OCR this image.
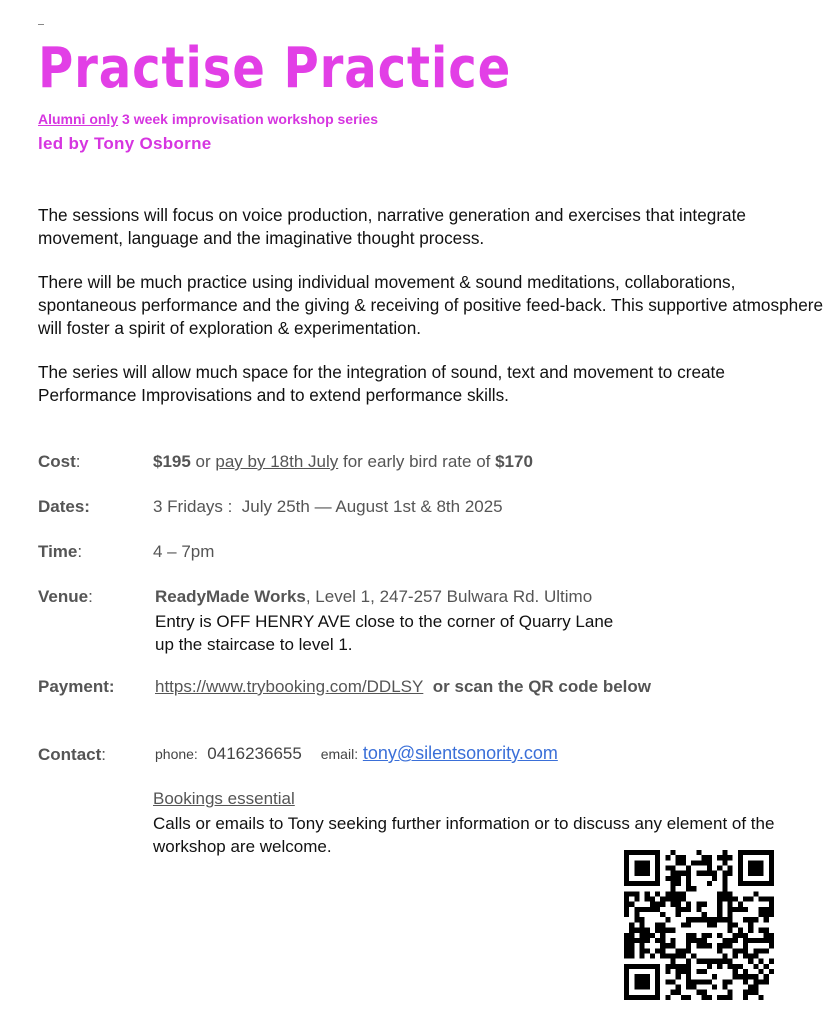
Practise Practice
Alumni only 3 week improvisation workshop series
led by Tony Osborne

The sessions will focus on voice production, narrative generation and exercises that integrate movement, language and the imaginative thought process.

There will be much practice using individual movement & sound meditations, collaborations, spontaneous performance and the giving & receiving of positive feed-back. This supportive atmosphere will foster a spirit of exploration & experimentation.

The series will allow much space for the integration of sound, text and movement to create Performance Improvisations and to extend performance skills.

Cost:	$195 or pay by 18th July for early bird rate of $170
Dates:	3 Fridays :  July 25th — August 1st & 8th 2025
Time:	4 – 7pm
Venue:	ReadyMade Works, Level 1, 247-257 Bulwara Rd. Ultimo
Entry is OFF HENRY AVE close to the corner of Quarry Lane
up the staircase to level 1.
Payment: https://www.trybooking.com/DDLSY or scan the QR code below
Contact:	phone: 0416236655 email: tony@silentsonority.com
Bookings essential
Calls or emails to Tony seeking further information or to discuss any element of the workshop are welcome.
